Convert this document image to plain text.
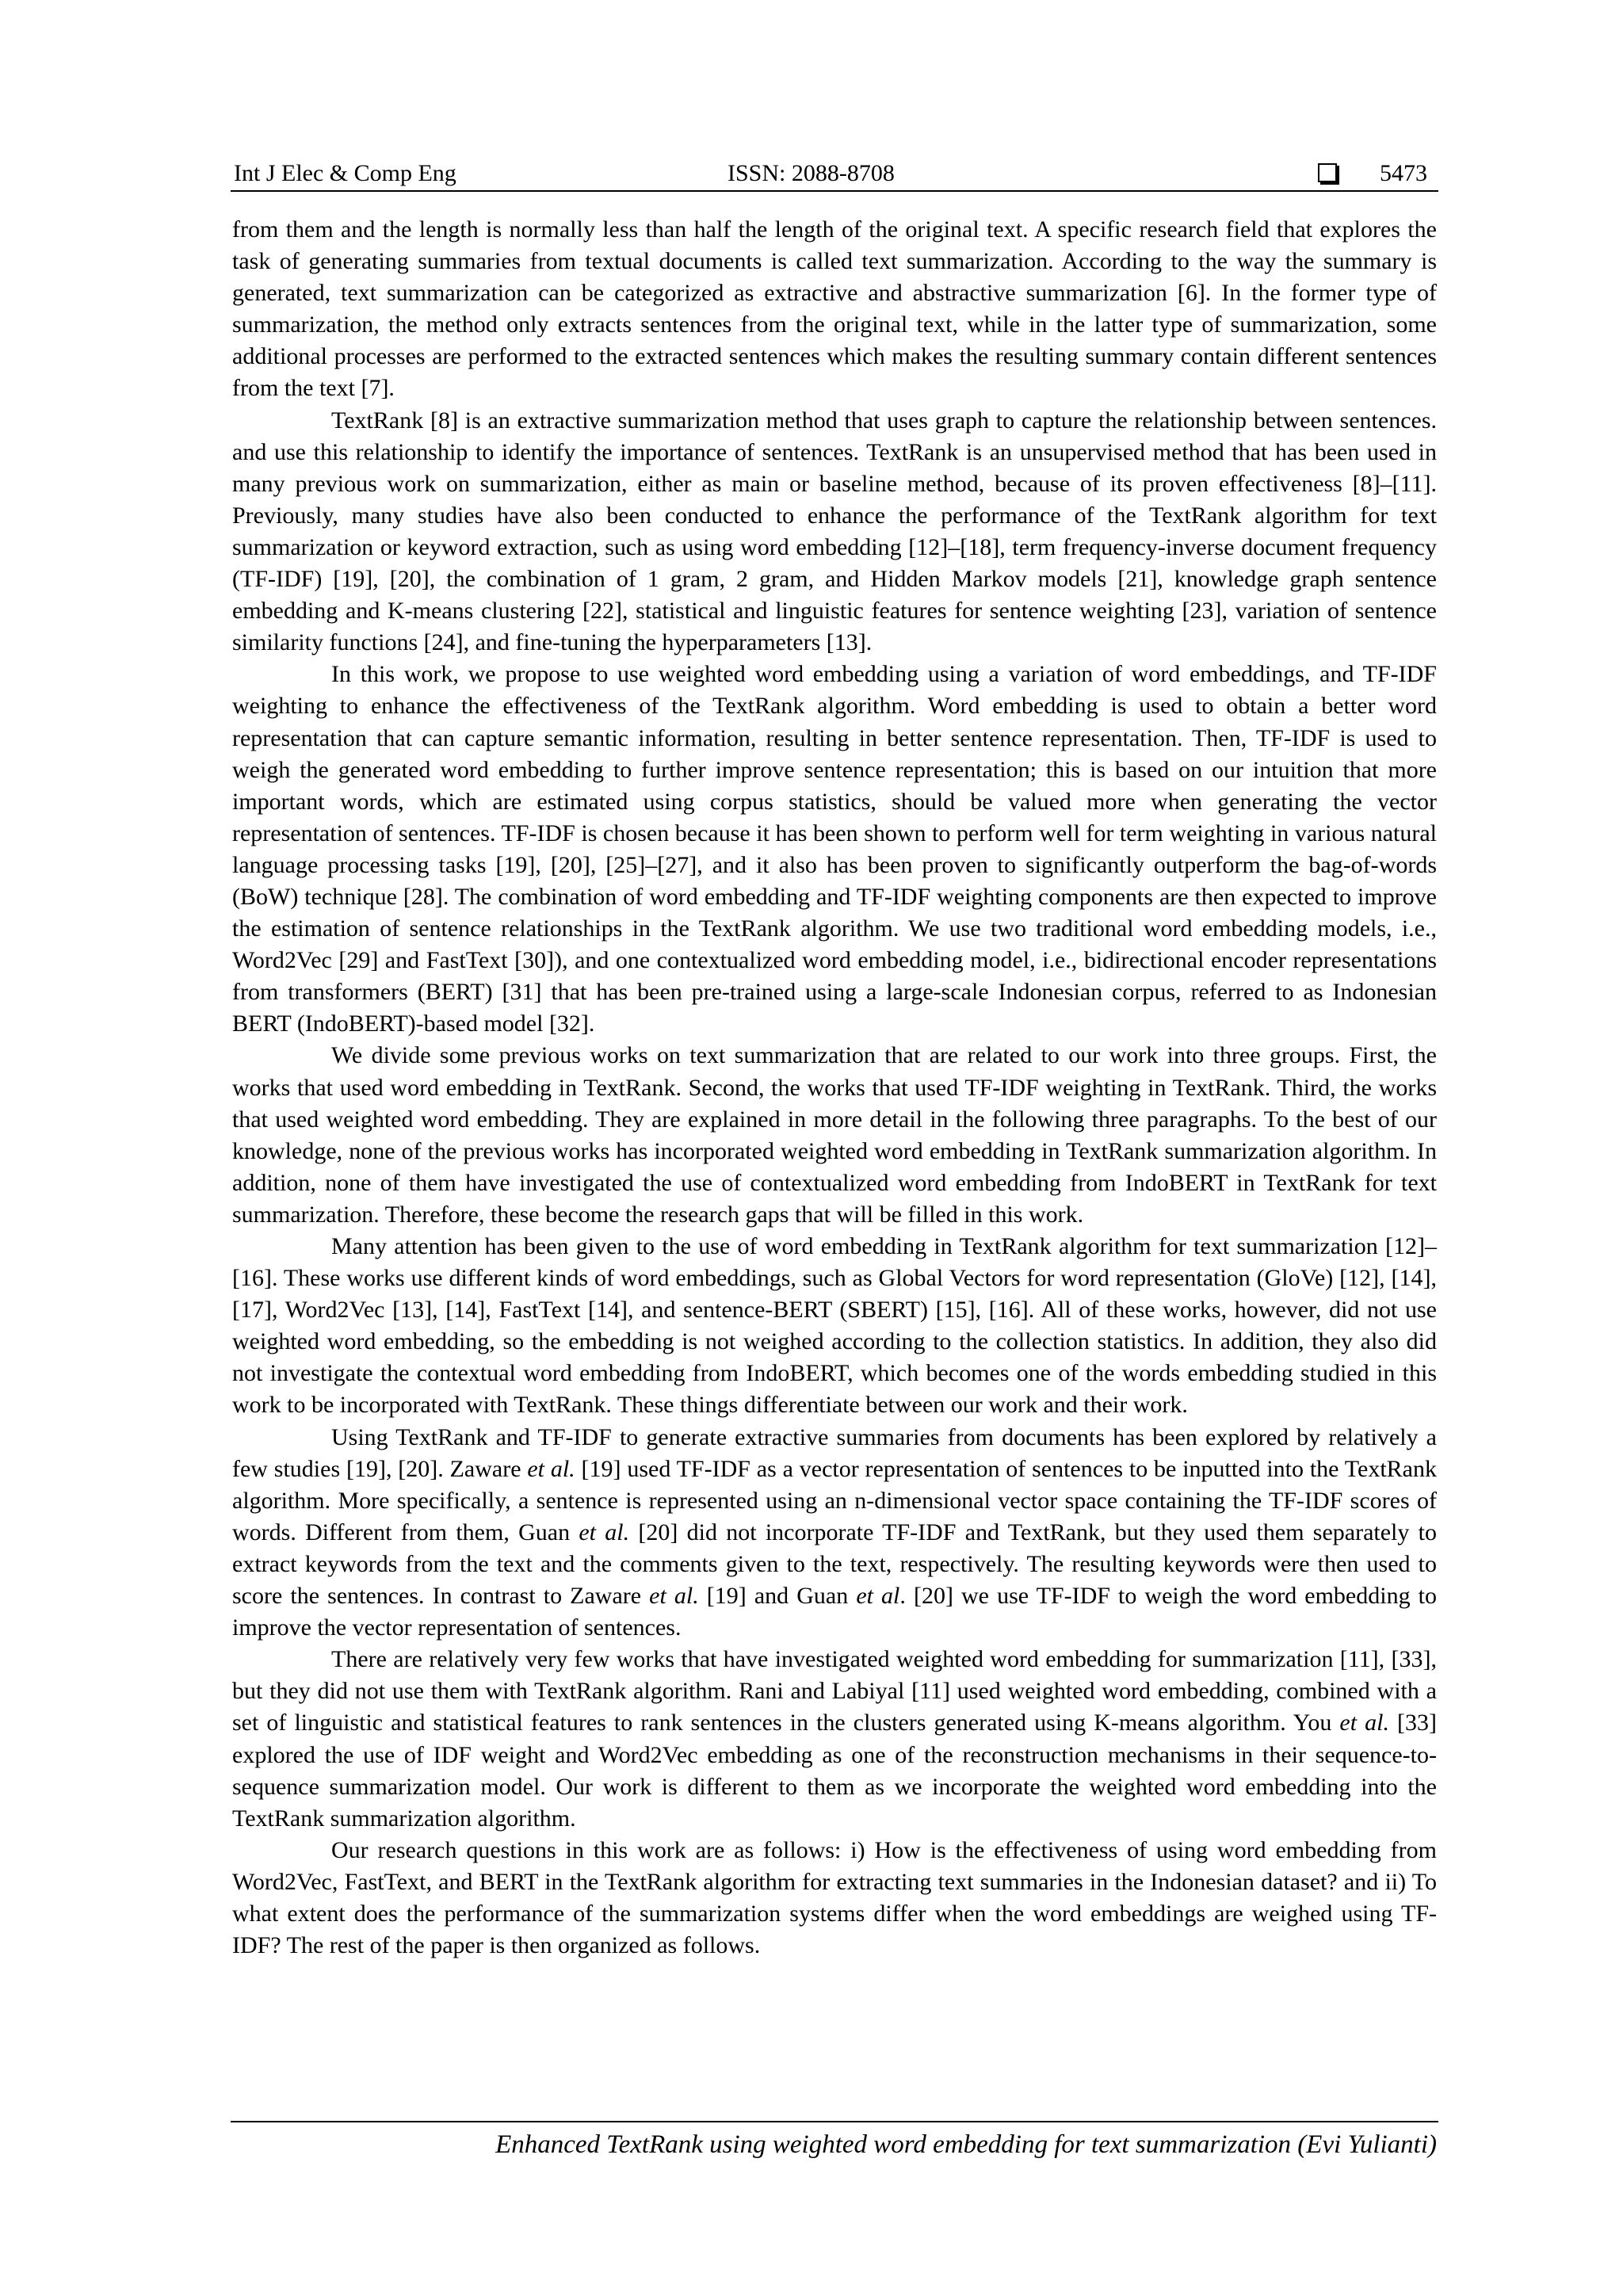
Int J Elec & Comp Eng	ISSN: 2088-8708	5473

from them and the length is normally less than half the length of the original text. A specific research field that explores the task of generating summaries from textual documents is called text summarization. According to the way the summary is generated, text summarization can be categorized as extractive and abstractive summarization [6]. In the former type of summarization, the method only extracts sentences from the original text, while in the latter type of summarization, some additional processes are performed to the extracted sentences which makes the resulting summary contain different sentences from the text [7].

TextRank [8] is an extractive summarization method that uses graph to capture the relationship between sentences. and use this relationship to identify the importance of sentences. TextRank is an unsupervised method that has been used in many previous work on summarization, either as main or baseline method, because of its proven effectiveness [8]–[11]. Previously, many studies have also been conducted to enhance the performance of the TextRank algorithm for text summarization or keyword extraction, such as using word embedding [12]–[18], term frequency-inverse document frequency (TF-IDF) [19], [20], the combination of 1 gram, 2 gram, and Hidden Markov models [21], knowledge graph sentence embedding and K-means clustering [22], statistical and linguistic features for sentence weighting [23], variation of sentence similarity functions [24], and fine-tuning the hyperparameters [13].

In this work, we propose to use weighted word embedding using a variation of word embeddings, and TF-IDF weighting to enhance the effectiveness of the TextRank algorithm. Word embedding is used to obtain a better word representation that can capture semantic information, resulting in better sentence representation. Then, TF-IDF is used to weigh the generated word embedding to further improve sentence representation; this is based on our intuition that more important words, which are estimated using corpus statistics, should be valued more when generating the vector representation of sentences. TF-IDF is chosen because it has been shown to perform well for term weighting in various natural language processing tasks [19], [20], [25]–[27], and it also has been proven to significantly outperform the bag-of-words (BoW) technique [28]. The combination of word embedding and TF-IDF weighting components are then expected to improve the estimation of sentence relationships in the TextRank algorithm. We use two traditional word embedding models, i.e., Word2Vec [29] and FastText [30]), and one contextualized word embedding model, i.e., bidirectional encoder representations from transformers (BERT) [31] that has been pre-trained using a large-scale Indonesian corpus, referred to as Indonesian BERT (IndoBERT)-based model [32].

We divide some previous works on text summarization that are related to our work into three groups. First, the works that used word embedding in TextRank. Second, the works that used TF-IDF weighting in TextRank. Third, the works that used weighted word embedding. They are explained in more detail in the following three paragraphs. To the best of our knowledge, none of the previous works has incorporated weighted word embedding in TextRank summarization algorithm. In addition, none of them have investigated the use of contextualized word embedding from IndoBERT in TextRank for text summarization. Therefore, these become the research gaps that will be filled in this work.

Many attention has been given to the use of word embedding in TextRank algorithm for text summarization [12]–[16]. These works use different kinds of word embeddings, such as Global Vectors for word representation (GloVe) [12], [14], [17], Word2Vec [13], [14], FastText [14], and sentence-BERT (SBERT) [15], [16]. All of these works, however, did not use weighted word embedding, so the embedding is not weighed according to the collection statistics. In addition, they also did not investigate the contextual word embedding from IndoBERT, which becomes one of the words embedding studied in this work to be incorporated with TextRank. These things differentiate between our work and their work.

Using TextRank and TF-IDF to generate extractive summaries from documents has been explored by relatively a few studies [19], [20]. Zaware et al. [19] used TF-IDF as a vector representation of sentences to be inputted into the TextRank algorithm. More specifically, a sentence is represented using an n-dimensional vector space containing the TF-IDF scores of words. Different from them, Guan et al. [20] did not incorporate TF-IDF and TextRank, but they used them separately to extract keywords from the text and the comments given to the text, respectively. The resulting keywords were then used to score the sentences. In contrast to Zaware et al. [19] and Guan et al. [20] we use TF-IDF to weigh the word embedding to improve the vector representation of sentences.

There are relatively very few works that have investigated weighted word embedding for summarization [11], [33], but they did not use them with TextRank algorithm. Rani and Labiyal [11] used weighted word embedding, combined with a set of linguistic and statistical features to rank sentences in the clusters generated using K-means algorithm. You et al. [33] explored the use of IDF weight and Word2Vec embedding as one of the reconstruction mechanisms in their sequence-to-sequence summarization model. Our work is different to them as we incorporate the weighted word embedding into the TextRank summarization algorithm.

Our research questions in this work are as follows: i) How is the effectiveness of using word embedding from Word2Vec, FastText, and BERT in the TextRank algorithm for extracting text summaries in the Indonesian dataset? and ii) To what extent does the performance of the summarization systems differ when the word embeddings are weighed using TF-IDF? The rest of the paper is then organized as follows.

Enhanced TextRank using weighted word embedding for text summarization (Evi Yulianti)
